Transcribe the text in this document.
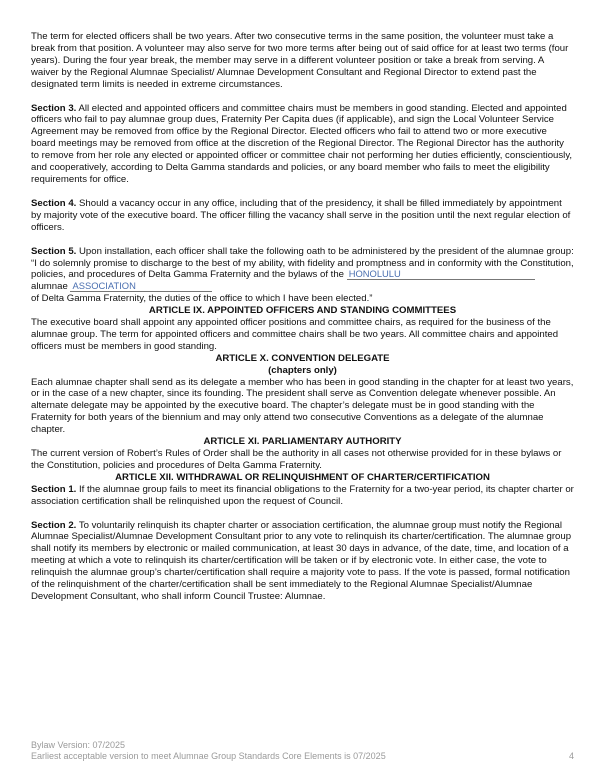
The term for elected officers shall be two years. After two consecutive terms in the same position, the volunteer must take a break from that position. A volunteer may also serve for two more terms after being out of said office for at least two terms (four years). During the four year break, the member may serve in a different volunteer position or take a break from serving. A waiver by the Regional Alumnae Specialist/ Alumnae Development Consultant and Regional Director to extend past the designated term limits is needed in extreme circumstances.

Section 3. All elected and appointed officers and committee chairs must be members in good standing. Elected and appointed officers who fail to pay alumnae group dues, Fraternity Per Capita dues (if applicable), and sign the Local Volunteer Service Agreement may be removed from office by the Regional Director. Elected officers who fail to attend two or more executive board meetings may be removed from office at the discretion of the Regional Director. The Regional Director has the authority to remove from her role any elected or appointed officer or committee chair not performing her duties efficiently, conscientiously, and cooperatively, according to Delta Gamma standards and policies, or any board member who fails to meet the eligibility requirements for office.

Section 4. Should a vacancy occur in any office, including that of the presidency, it shall be filled immediately by appointment by majority vote of the executive board. The officer filling the vacancy shall serve in the position until the next regular election of officers.

Section 5. Upon installation, each officer shall take the following oath to be administered by the president of the alumnae group: “I do solemnly promise to discharge to the best of my ability, with fidelity and promptness and in conformity with the Constitution, policies, and procedures of Delta Gamma Fraternity and the bylaws of the HONOLULU alumnae ASSOCIATION
of Delta Gamma Fraternity, the duties of the office to which I have been elected.”

ARTICLE IX. APPOINTED OFFICERS AND STANDING COMMITTEES

The executive board shall appoint any appointed officer positions and committee chairs, as required for the business of the alumnae group. The term for appointed officers and committee chairs shall be two years. All committee chairs and appointed officers must be members in good standing.

ARTICLE X. CONVENTION DELEGATE

(chapters only)

Each alumnae chapter shall send as its delegate a member who has been in good standing in the chapter for at least two years, or in the case of a new chapter, since its founding. The president shall serve as Convention delegate whenever possible. An alternate delegate may be appointed by the executive board. The chapter’s delegate must be in good standing with the Fraternity for both years of the biennium and may only attend two consecutive Conventions as a delegate of the alumnae chapter.

ARTICLE XI. PARLIAMENTARY AUTHORITY

The current version of Robert’s Rules of Order shall be the authority in all cases not otherwise provided for in these bylaws or the Constitution, policies and procedures of Delta Gamma Fraternity.

ARTICLE XII. WITHDRAWAL OR RELINQUISHMENT OF CHARTER/CERTIFICATION

Section 1. If the alumnae group fails to meet its financial obligations to the Fraternity for a two-year period, its chapter charter or association certification shall be relinquished upon the request of Council.

Section 2. To voluntarily relinquish its chapter charter or association certification, the alumnae group must notify the Regional Alumnae Specialist/Alumnae Development Consultant prior to any vote to relinquish its charter/certification. The alumnae group shall notify its members by electronic or mailed communication, at least 30 days in advance, of the date, time, and location of a meeting at which a vote to relinquish its charter/certification will be taken or if by electronic vote. In either case, the vote to relinquish the alumnae group’s charter/certification shall require a majority vote to pass. If the vote is passed, formal notification of the relinquishment of the charter/certification shall be sent immediately to the Regional Alumnae Specialist/Alumnae Development Consultant, who shall inform Council Trustee: Alumnae.

Bylaw Version: 07/2025
Earliest acceptable version to meet Alumnae Group Standards Core Elements is 07/2025	4
